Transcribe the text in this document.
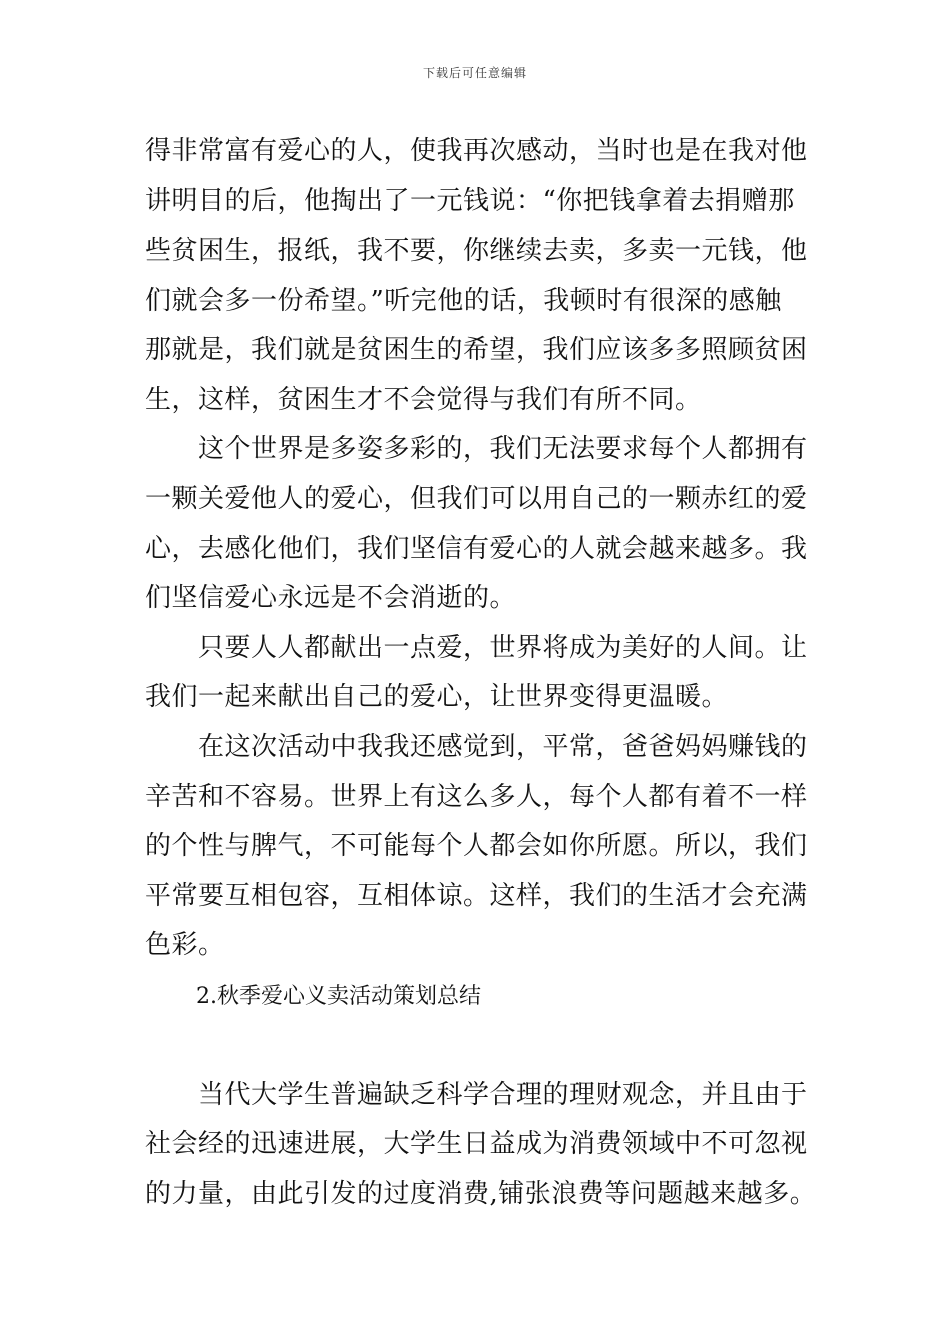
下载后可任意编辑
得非常富有爱心的人，使我再次感动，当时也是在我对他
讲明目的后，他掏出了一元钱说：“你把钱拿着去捐赠那
些贫困生，报纸，我不要，你继续去卖，多卖一元钱，他
们就会多一份希望。”听完他的话，我顿时有很深的感触
那就是，我们就是贫困生的希望，我们应该多多照顾贫困
生，这样，贫困生才不会觉得与我们有所不同。
　　这个世界是多姿多彩的，我们无法要求每个人都拥有
一颗关爱他人的爱心，但我们可以用自己的一颗赤红的爱
心，去感化他们，我们坚信有爱心的人就会越来越多。我
们坚信爱心永远是不会消逝的。
　　只要人人都献出一点爱，世界将成为美好的人间。让
我们一起来献出自己的爱心，让世界变得更温暖。
　　在这次活动中我我还感觉到，平常，爸爸妈妈赚钱的
辛苦和不容易。世界上有这么多人，每个人都有着不一样
的个性与脾气，不可能每个人都会如你所愿。所以，我们
平常要互相包容，互相体谅。这样，我们的生活才会充满
色彩。
2.秋季爱心义卖活动策划总结
　　当代大学生普遍缺乏科学合理的理财观念，并且由于
社会经的迅速进展，大学生日益成为消费领域中不可忽视
的力量，由此引发的过度消费,铺张浪费等问题越来越多。
